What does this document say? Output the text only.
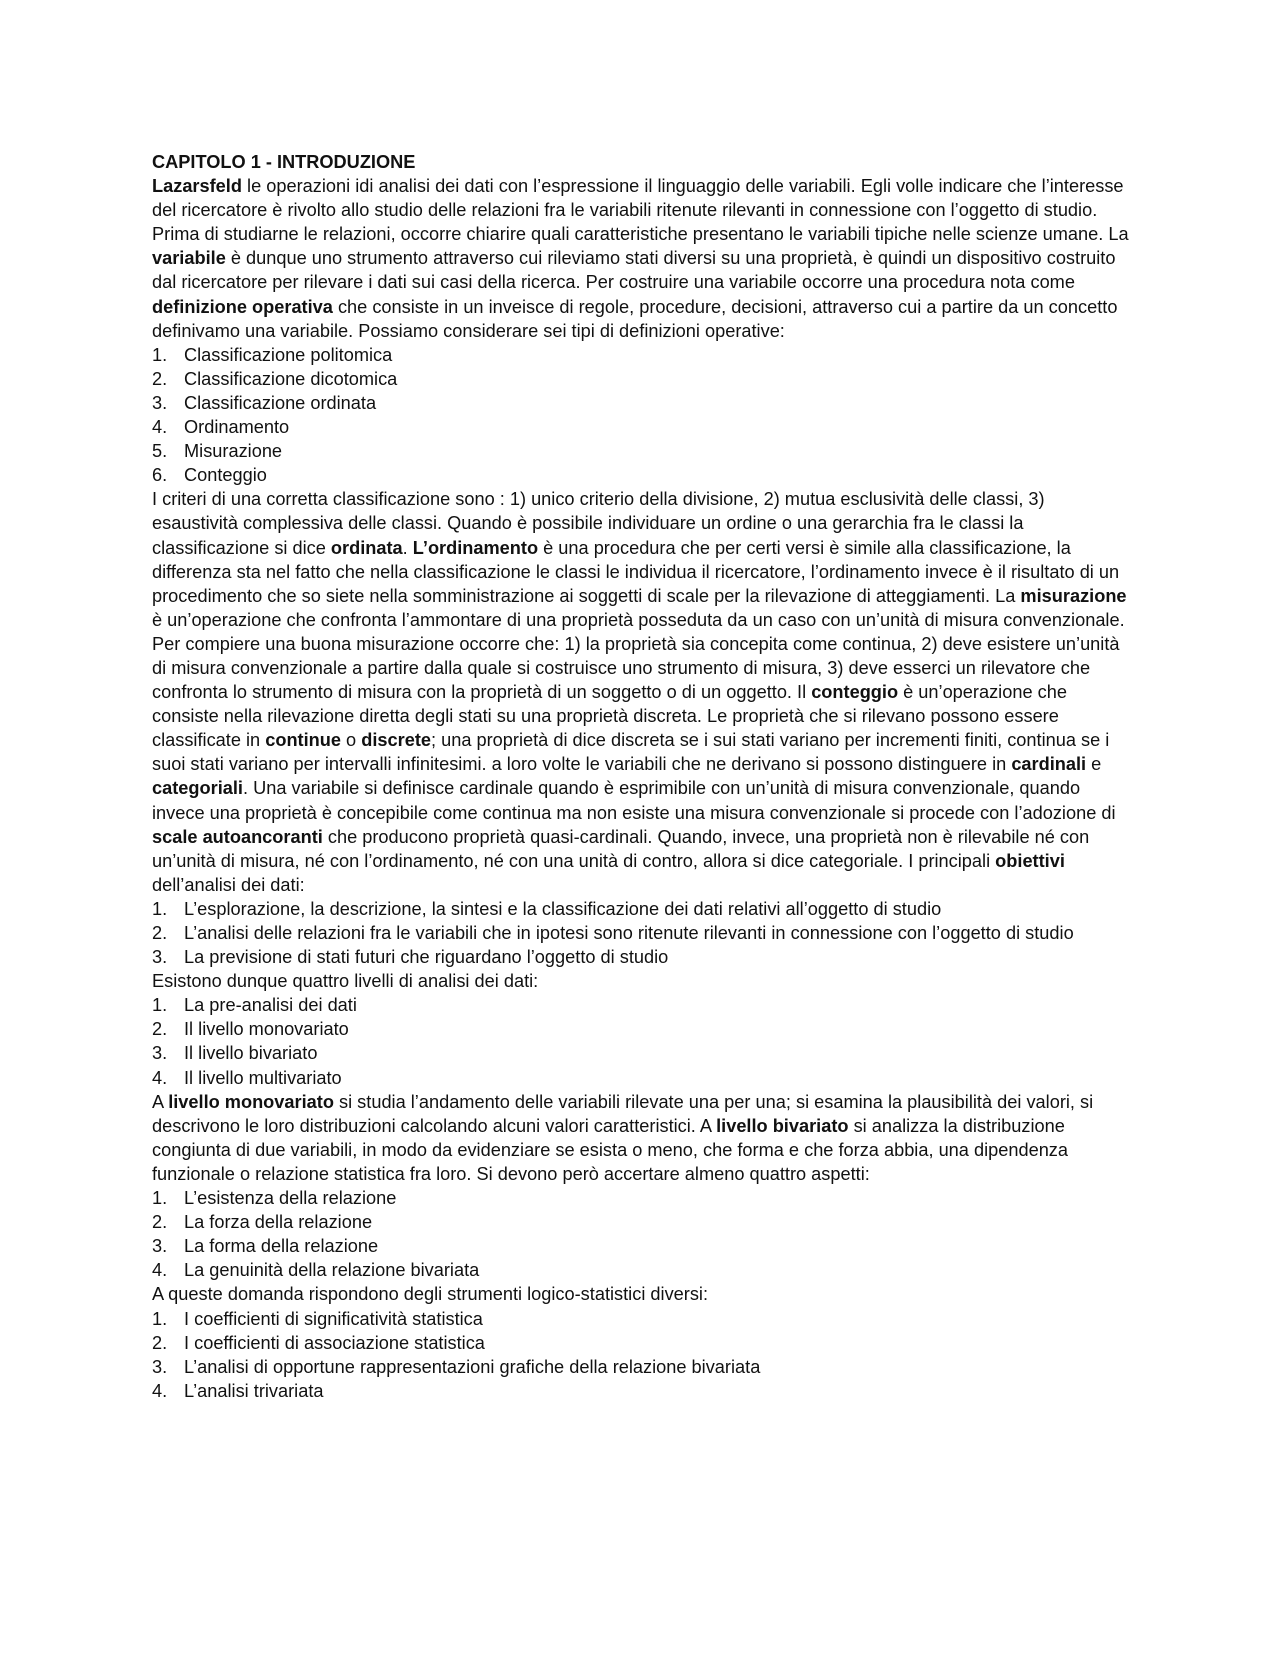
CAPITOLO 1 - INTRODUZIONE

Lazarsfeld le operazioni idi analisi dei dati con l’espressione il linguaggio delle variabili. Egli volle indicare che l’interesse del ricercatore è rivolto allo studio delle relazioni fra le variabili ritenute rilevanti in connessione con l’oggetto di studio. Prima di studiarne le relazioni, occorre chiarire quali caratteristiche presentano le variabili tipiche nelle scienze umane. La variabile è dunque uno strumento attraverso cui rileviamo stati diversi su una proprietà, è quindi un dispositivo costruito dal ricercatore per rilevare i dati sui casi della ricerca. Per costruire una variabile occorre una procedura nota come definizione operativa che consiste in un inveisce di regole, procedure, decisioni, attraverso cui a partire da un concetto definivamo una variabile. Possiamo considerare sei tipi di definizioni operative:

1. Classificazione politomica
2. Classificazione dicotomica
3. Classificazione ordinata
4. Ordinamento
5. Misurazione
6. Conteggio

I criteri di una corretta classificazione sono : 1) unico criterio della divisione, 2) mutua esclusività delle classi, 3) esaustività complessiva delle classi. Quando è possibile individuare un ordine o una gerarchia fra le classi la classificazione si dice ordinata. L’ordinamento è una procedura che per certi versi è simile alla classificazione, la differenza sta nel fatto che nella classificazione le classi le individua il ricercatore, l’ordinamento invece è il risultato di un procedimento che so siete nella somministrazione ai soggetti di scale per la rilevazione di atteggiamenti. La misurazione è un’operazione che confronta l’ammontare di una proprietà posseduta da un caso con un’unità di misura convenzionale. Per compiere una buona misurazione occorre che: 1) la proprietà sia concepita come continua, 2) deve esistere un’unità di misura convenzionale a partire dalla quale si costruisce uno strumento di misura, 3) deve esserci un rilevatore che confronta lo strumento di misura con la proprietà di un soggetto o di un oggetto. Il conteggio è un’operazione che consiste nella rilevazione diretta degli stati su una proprietà discreta. Le proprietà che si rilevano possono essere classificate in continue o discrete; una proprietà di dice discreta se i sui stati variano per incrementi finiti, continua se i suoi stati variano per intervalli infinitesimi. a loro volte le variabili che ne derivano si possono distinguere in cardinali e categoriali. Una variabile si definisce cardinale quando è esprimibile con un’unità di misura convenzionale, quando invece una proprietà è concepibile come continua ma non esiste una misura convenzionale si procede con l’adozione di scale autoancoranti che producono proprietà quasi-cardinali. Quando, invece, una proprietà non è rilevabile né con un’unità di misura, né con l’ordinamento, né con una unità di contro, allora si dice categoriale. I principali obiettivi dell’analisi dei dati:

1. L’esplorazione, la descrizione, la sintesi e la classificazione dei dati relativi all’oggetto di studio
2. L’analisi delle relazioni fra le variabili che in ipotesi sono ritenute rilevanti in connessione con l’oggetto di studio
3. La previsione di stati futuri che riguardano l’oggetto di studio

Esistono dunque quattro livelli di analisi dei dati:

1. La pre-analisi dei dati
2. Il livello monovariato
3. Il livello bivariato
4. Il livello multivariato

A livello monovariato si studia l’andamento delle variabili rilevate una per una; si esamina la plausibilità dei valori, si descrivono le loro distribuzioni calcolando alcuni valori caratteristici. A livello bivariato si analizza la distribuzione congiunta di due variabili, in modo da evidenziare se esista o meno, che forma e che forza abbia, una dipendenza funzionale o relazione statistica fra loro. Si devono però accertare almeno quattro aspetti:

1. L’esistenza della relazione
2. La forza della relazione
3. La forma della relazione
4. La genuinità della relazione bivariata

A queste domanda rispondono degli strumenti logico-statistici diversi:

1. I coefficienti di significatività statistica
2. I coefficienti di associazione statistica
3. L’analisi di opportune rappresentazioni grafiche della relazione bivariata
4. L’analisi trivariata
